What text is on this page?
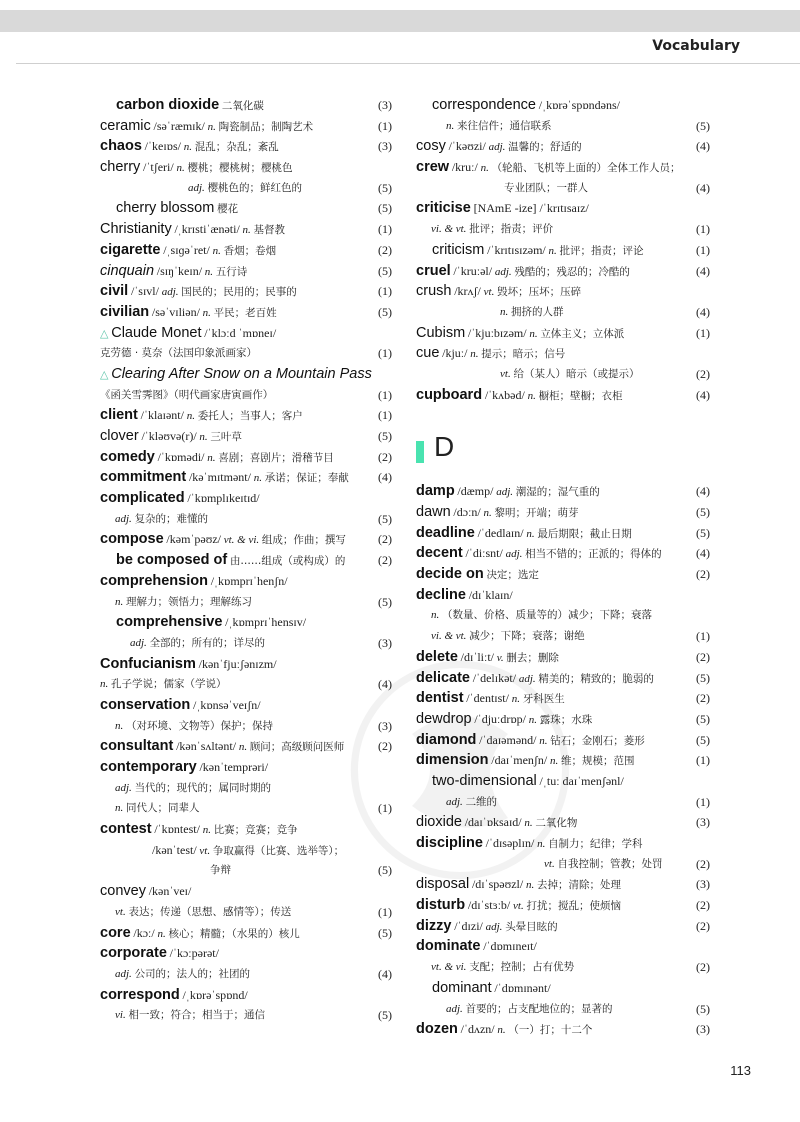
Vocabulary
carbon dioxide 二氧化碳	(3)
ceramic /səˈræmɪk/ n. 陶瓷制品；制陶艺术	(1)
chaos /ˈkeɪɒs/ n. 混乱；杂乱；紊乱	(3)
cherry /ˈtʃeri/ n. 樱桃；樱桃树；樱桃色
adj. 樱桃色的；鲜红色的	(5)
cherry blossom 樱花	(5)
Christianity /ˌkrɪstiˈænəti/ n. 基督教	(1)
cigarette /ˌsɪɡəˈret/ n. 香烟；卷烟	(2)
cinquain /sɪŋˈkeɪn/ n. 五行诗	(5)
civil /ˈsɪvl/ adj. 国民的；民用的；民事的	(1)
civilian /səˈvɪliən/ n. 平民；老百姓	(5)
△ Claude Monet /ˈklɔːd ˈmɒneɪ/
克劳德 · 莫奈（法国印象派画家）	(1)
△ Clearing After Snow on a Mountain Pass
《函关雪霁图》（明代画家唐寅画作）	(1)
client /ˈklaɪənt/ n. 委托人；当事人；客户	(1)
clover /ˈkləʊvə(r)/ n. 三叶草	(5)
comedy /ˈkɒmədi/ n. 喜剧；喜剧片；滑稽节目	(2)
commitment /kəˈmɪtmənt/ n. 承诺；保证；奉献 (4)
complicated /ˈkɒmplɪkeɪtɪd/
adj. 复杂的；难懂的	(5)
compose /kəmˈpəʊz/ vt. & vi. 组成；作曲；撰写	(2)
be composed of 由……组成（或构成）的	(2)
comprehension /ˌkɒmprɪˈhenʃn/
n. 理解力；领悟力；理解练习	(5)
comprehensive /ˌkɒmprɪˈhensɪv/
adj. 全部的；所有的；详尽的	(3)
Confucianism /kənˈfjuːʃənɪzm/
n. 孔子学说；儒家（学说）	(4)
conservation /ˌkɒnsəˈveɪʃn/
n. （对环境、文物等）保护；保持	(3)
consultant /kənˈsʌltənt/ n. 顾问；高级顾问医师	(2)
contemporary /kənˈtemprəri/
adj. 当代的；现代的；属同时期的
n. 同代人；同辈人	(1)
contest /ˈkɒntest/ n. 比赛；竞赛；竞争
/kənˈtest/ vt. 争取赢得（比赛、选举等）；
争辩	(5)
convey /kənˈveɪ/
vt. 表达；传递（思想、感情等）；传送	(1)
core /kɔː/ n. 核心；精髓；（水果的）核儿	(5)
corporate /ˈkɔːpərət/
adj. 公司的；法人的；社团的	(4)
correspond /ˌkɒrəˈspɒnd/
vi. 相一致；符合；相当于；通信	(5)
correspondence /ˌkɒrəˈspɒndəns/
n. 来往信件；通信联系	(5)
cosy /ˈkəʊzi/ adj. 温馨的；舒适的	(4)
crew /kruː/ n. （轮船、飞机等上面的）全体工作人员；
专业团队；一群人	(4)
criticise [NAmE -ize] /ˈkrɪtɪsaɪz/
vi. & vt. 批评；指责；评价	(1)
criticism /ˈkrɪtɪsɪzəm/ n. 批评；指责；评论	(1)
cruel /ˈkruːəl/ adj. 残酷的；残忍的；冷酷的	(4)
crush /krʌʃ/ vt. 毁坏；压坏；压碎
n. 拥挤的人群	(4)
Cubism /ˈkjuːbɪzəm/ n. 立体主义；立体派	(1)
cue /kjuː/ n. 提示；暗示；信号
vt. 给（某人）暗示（或提示）	(2)
cupboard /ˈkʌbəd/ n. 橱柜；壁橱；衣柜	(4)
D
damp /dæmp/ adj. 潮湿的；湿气重的	(4)
dawn /dɔːn/ n. 黎明；开端；萌芽	(5)
deadline /ˈdedlaɪn/ n. 最后期限；截止日期	(5)
decent /ˈdiːsnt/ adj. 相当不错的；正派的；得体的	(4)
decide on 决定；选定	(2)
decline /dɪˈklaɪn/
n. （数量、价格、质量等的）减少；下降；衰落
vi. & vt. 减少；下降；衰落；谢绝	(1)
delete /dɪˈliːt/ v. 删去；删除	(2)
delicate /ˈdelɪkət/ adj. 精美的；精致的；脆弱的	(5)
dentist /ˈdentɪst/ n. 牙科医生	(2)
dewdrop /ˈdjuːdrɒp/ n. 露珠；水珠	(5)
diamond /ˈdaɪəmənd/ n. 钻石；金刚石；菱形	(5)
dimension /daɪˈmenʃn/ n. 维；规模；范围	(1)
two-dimensional /ˌtuː daɪˈmenʃənl/
adj. 二维的	(1)
dioxide /daɪˈɒksaɪd/ n. 二氧化物	(3)
discipline /ˈdɪsəplɪn/ n. 自制力；纪律；学科
vt. 自我控制；管教；处罚	(2)
disposal /dɪˈspəʊzl/ n. 去掉；清除；处理	(3)
disturb /dɪˈstɜːb/ vt. 打扰；搅乱；使烦恼	(2)
dizzy /ˈdɪzi/ adj. 头晕目眩的	(2)
dominate /ˈdɒmɪneɪt/
vt. & vi. 支配；控制；占有优势	(2)
dominant /ˈdɒmɪnənt/
adj. 首要的；占支配地位的；显著的	(5)
dozen /ˈdʌzn/ n. （一）打；十二个	(3)
113
